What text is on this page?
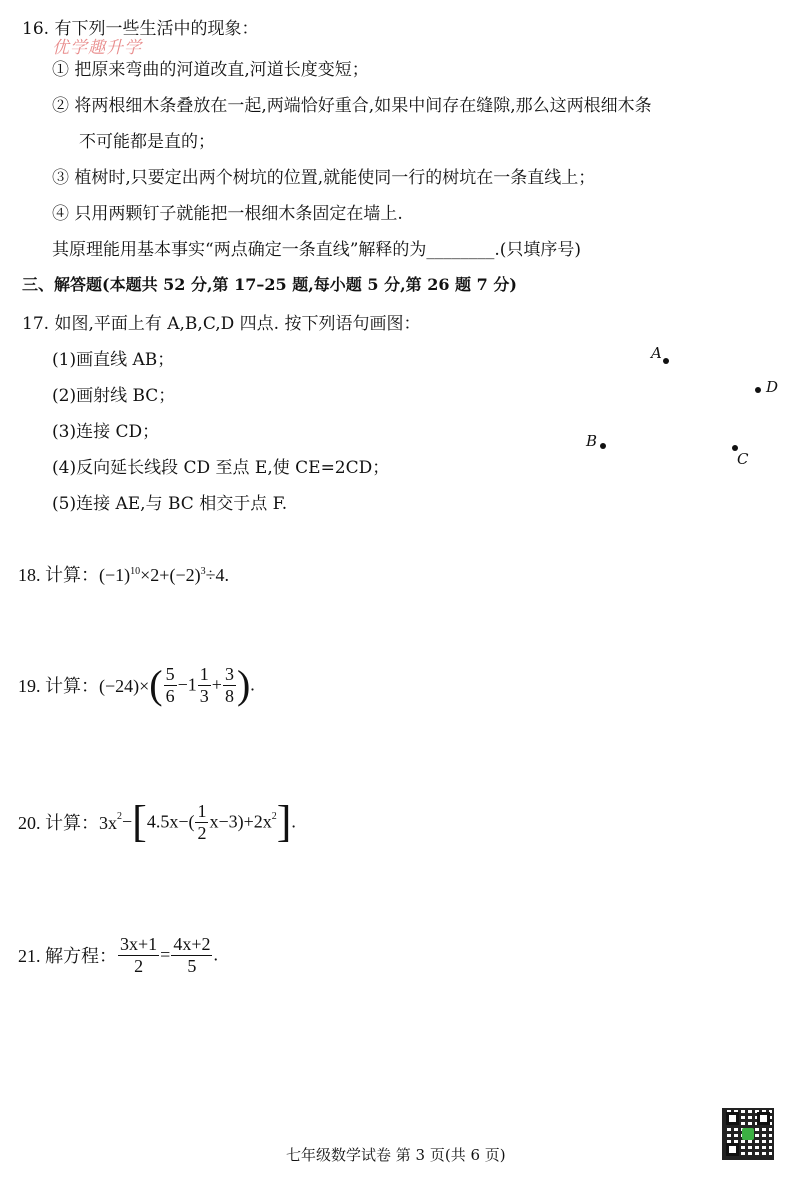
优学趣升学
16. 有下列一些生活中的现象：
① 把原来弯曲的河道改直,河道长度变短；
② 将两根细木条叠放在一起,两端恰好重合,如果中间存在缝隙,那么这两根细木条
不可能都是直的；
③ 植树时,只要定出两个树坑的位置,就能使同一行的树坑在一条直线上；
④ 只用两颗钉子就能把一根细木条固定在墙上.
其原理能用基本事实“两点确定一条直线”解释的为________.(只填序号)
三、解答题(本题共 52 分,第 17–25 题,每小题 5 分,第 26 题 7 分)
17. 如图,平面上有 A,B,C,D 四点. 按下列语句画图：
(1)画直线 AB；
(2)画射线 BC；
(3)连接 CD；
(4)反向延长线段 CD 至点 E,使 CE=2CD；
(5)连接 AE,与 BC 相交于点 F.
A
D
B
C
18. 计算：$(-1)^{10}\times 2+(-2)^3\div 4$.
19. 计算：$(-24)\times( \frac{5}{6} -1 \frac{1}{3} + \frac{3}{8}$ ).
20. 计算：$3x^2-[4.5x-( \frac{1}{2} x-3)+2x^2]$.
21. 解方程： $\frac{3x+1}{2} = \frac{4x+2}{5}$ .
七年级数学试卷 第 3 页(共 6 页)
